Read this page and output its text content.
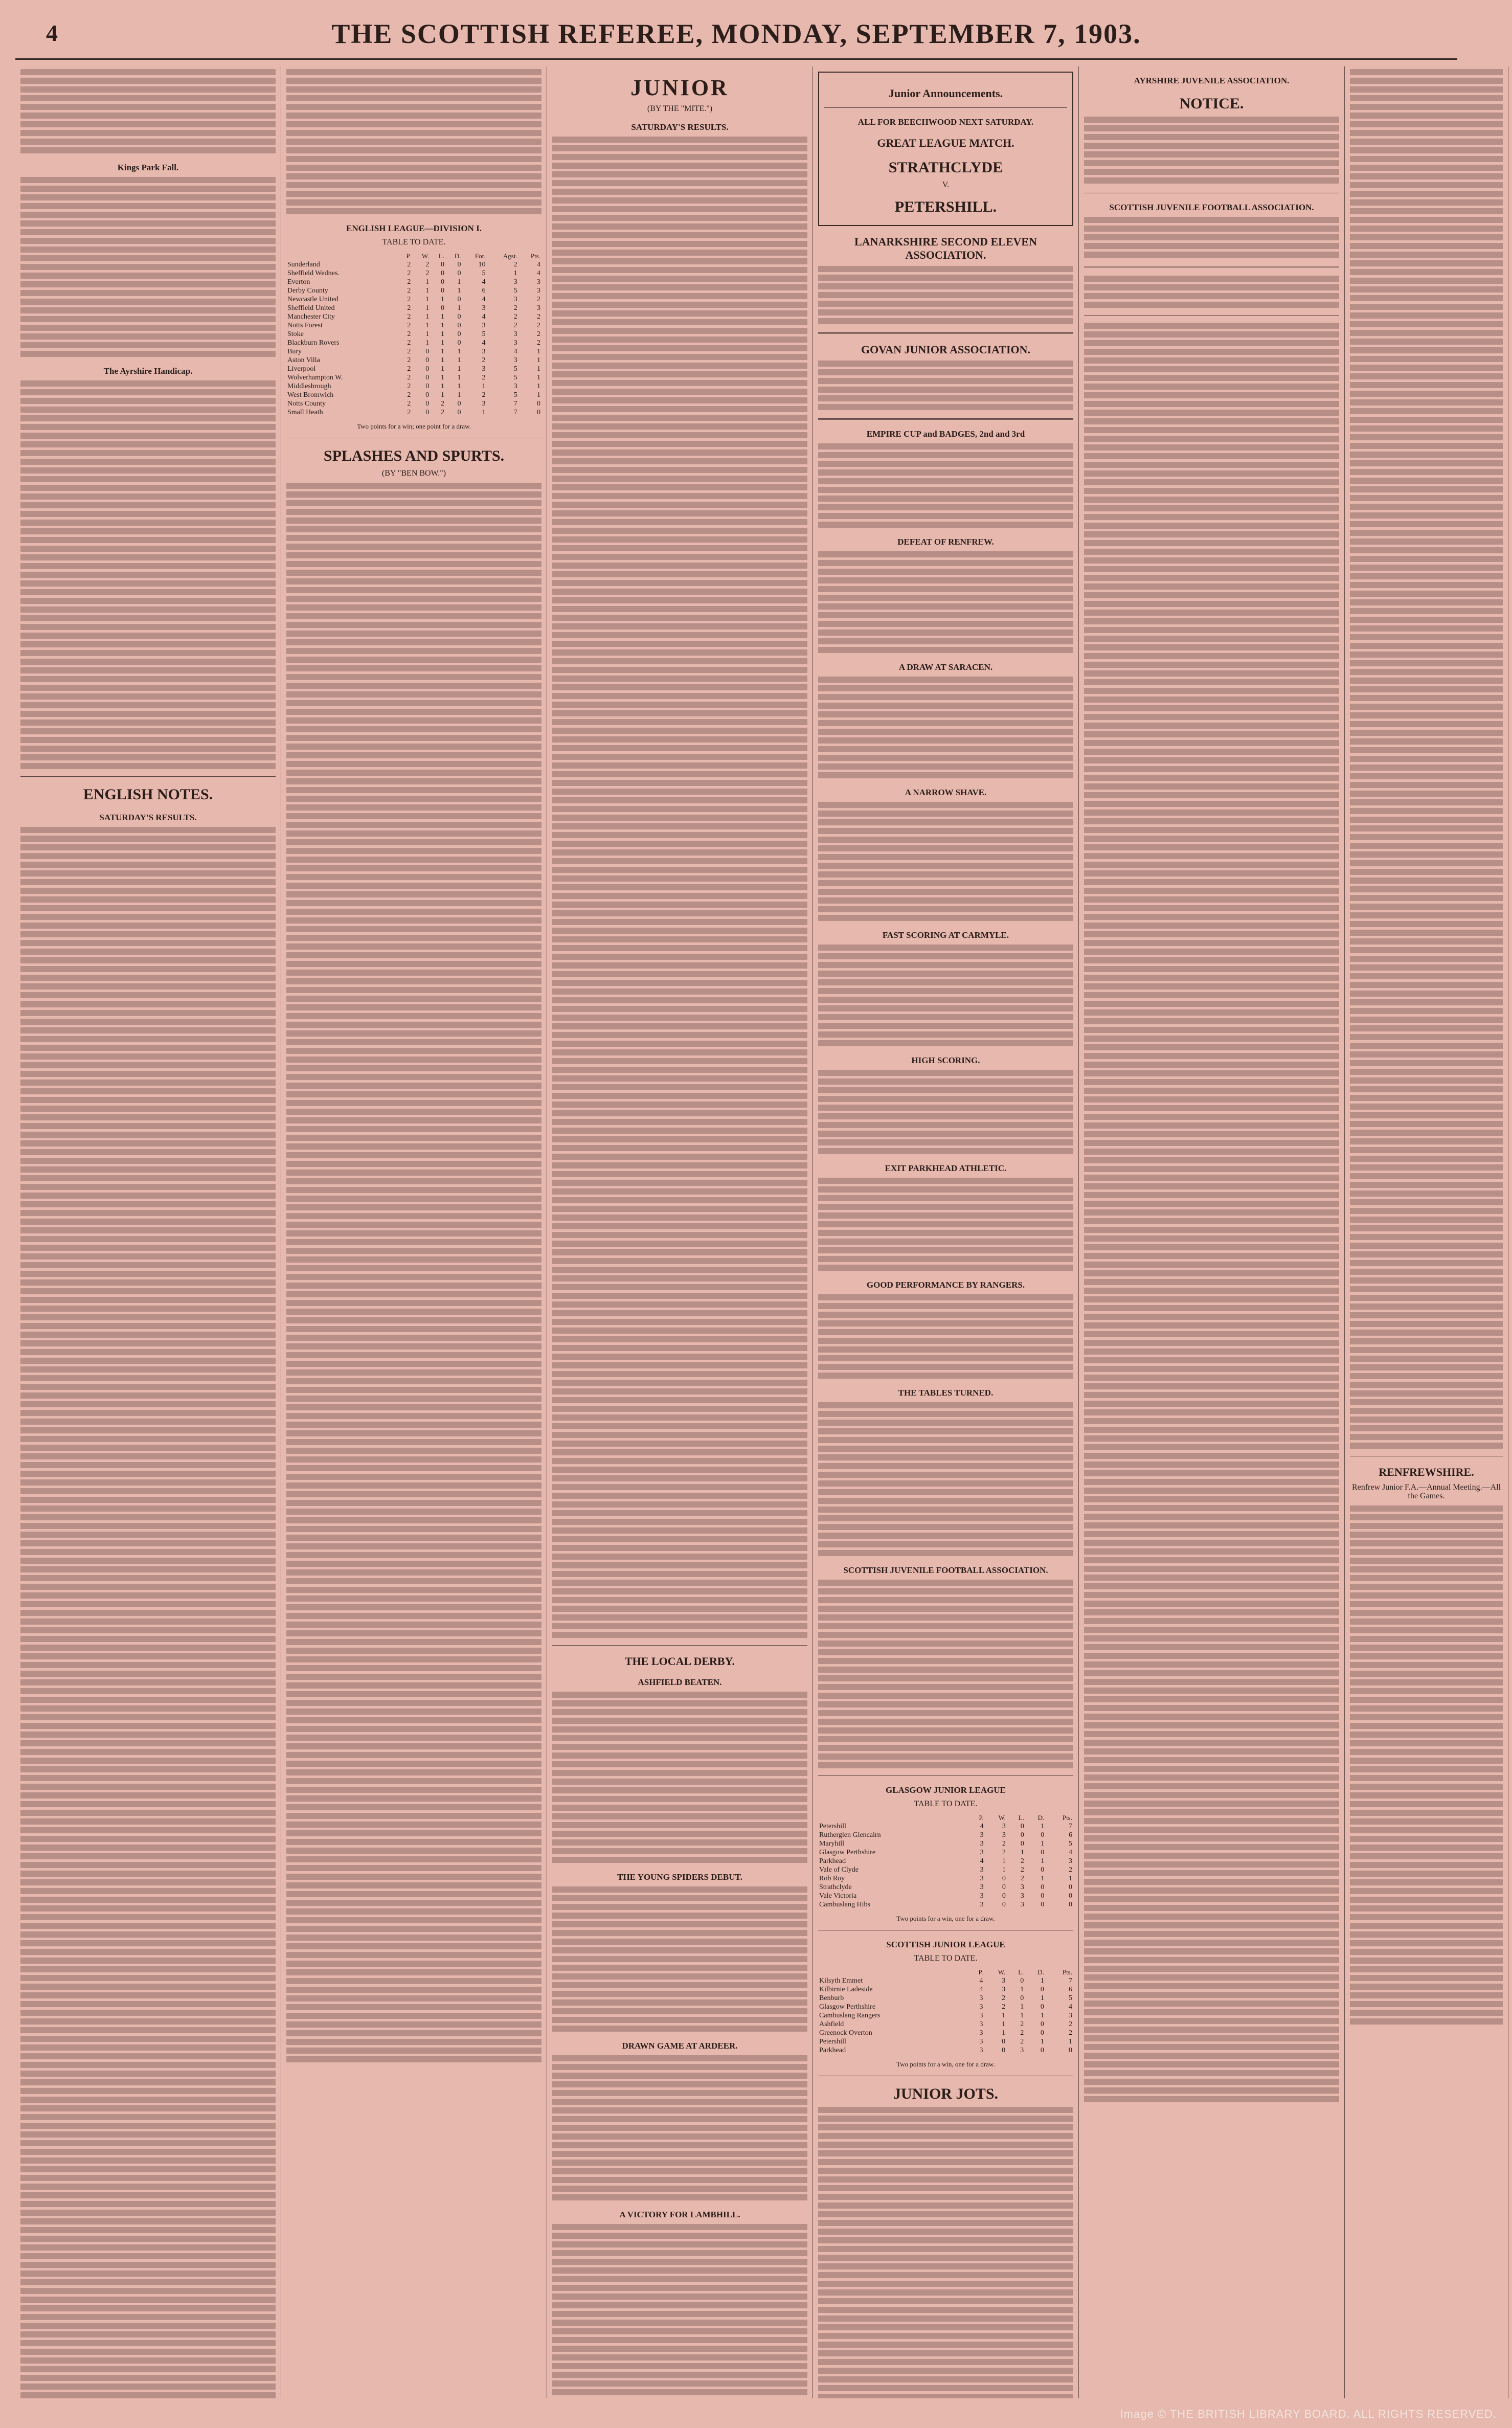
4	THE SCOTTISH REFEREE, MONDAY, SEPTEMBER 7, 1903.
Kings Park Fall.
The Ayrshire Handicap.
ENGLISH NOTES.
SATURDAY'S RESULTS.
ENGLISH LEAGUE—DIVISION I.
TABLE TO DATE.
	P.	W.	L.	D.	For.	Agst.	Pts.
Sunderland	2	2	0	0	10	2	4
Sheffield Wednes.	2	2	0	0	5	1	4
Everton	2	1	0	1	4	3	3
Derby County	2	1	0	1	6	5	3
Newcastle United	2	1	1	0	4	3	2
Sheffield United	2	1	0	1	3	2	3
Manchester City	2	1	1	0	4	2	2
Notts Forest	2	1	1	0	3	2	2
Stoke	2	1	1	0	5	3	2
Blackburn Rovers	2	1	1	0	4	3	2
Bury	2	0	1	1	3	4	1
Aston Villa	2	0	1	1	2	3	1
Liverpool	2	0	1	1	3	5	1
Wolverhampton W.	2	0	1	1	2	5	1
Middlesbrough	2	0	1	1	1	3	1
West Bromwich	2	0	1	1	2	5	1
Notts County	2	0	2	0	3	7	0
Small Heath	2	0	2	0	1	7	0
Two points for a win; one point for a draw.
SPLASHES AND SPURTS.
(BY "BEN BOW.")
JUNIOR
(BY THE "MITE.")
SATURDAY'S RESULTS.
THE LOCAL DERBY.
ASHFIELD BEATEN.
THE YOUNG SPIDERS DEBUT.
DRAWN GAME AT ARDEER.
A VICTORY FOR LAMBHILL.
Junior Announcements.
ALL FOR BEECHWOOD NEXT SATURDAY.
GREAT LEAGUE MATCH.
STRATHCLYDE
V.
PETERSHILL.
LANARKSHIRE SECOND ELEVEN ASSOCIATION.
GOVAN JUNIOR ASSOCIATION.
EMPIRE CUP and BADGES, 2nd and 3rd
DEFEAT OF RENFREW.
A DRAW AT SARACEN.
A NARROW SHAVE.
FAST SCORING AT CARMYLE.
HIGH SCORING.
EXIT PARKHEAD ATHLETIC.
GOOD PERFORMANCE BY RANGERS.
THE TABLES TURNED.
SCOTTISH JUVENILE FOOTBALL ASSOCIATION.
GLASGOW JUNIOR LEAGUE
TABLE TO DATE.
	P.	W.	L.	D.	Pts.
Petershill	4	3	0	1	7
Rutherglen Glencairn	3	3	0	0	6
Maryhill	3	2	0	1	5
Glasgow Perthshire	3	2	1	0	4
Parkhead	4	1	2	1	3
Vale of Clyde	3	1	2	0	2
Rob Roy	3	0	2	1	1
Strathclyde	3	0	3	0	0
Vale Victoria	3	0	3	0	0
Cambuslang Hibs	3	0	3	0	0
Two points for a win, one for a draw.
SCOTTISH JUNIOR LEAGUE
TABLE TO DATE.
	P.	W.	L.	D.	Pts.
Kilsyth Emmet	4	3	0	1	7
Kilbirnie Ladeside	4	3	1	0	6
Benburb	3	2	0	1	5
Glasgow Perthshire	3	2	1	0	4
Cambuslang Rangers	3	1	1	1	3
Ashfield	3	1	2	0	2
Greenock Overton	3	1	2	0	2
Petershill	3	0	2	1	1
Parkhead	3	0	3	0	0
Two points for a win, one for a draw.
JUNIOR JOTS.
AYRSHIRE JUVENILE ASSOCIATION.
NOTICE.
SCOTTISH JUVENILE FOOTBALL ASSOCIATION.
RENFREWSHIRE.
Renfrew Junior F.A.—Annual Meeting.—All the Games.
Image © THE BRITISH LIBRARY BOARD. ALL RIGHTS RESERVED.
